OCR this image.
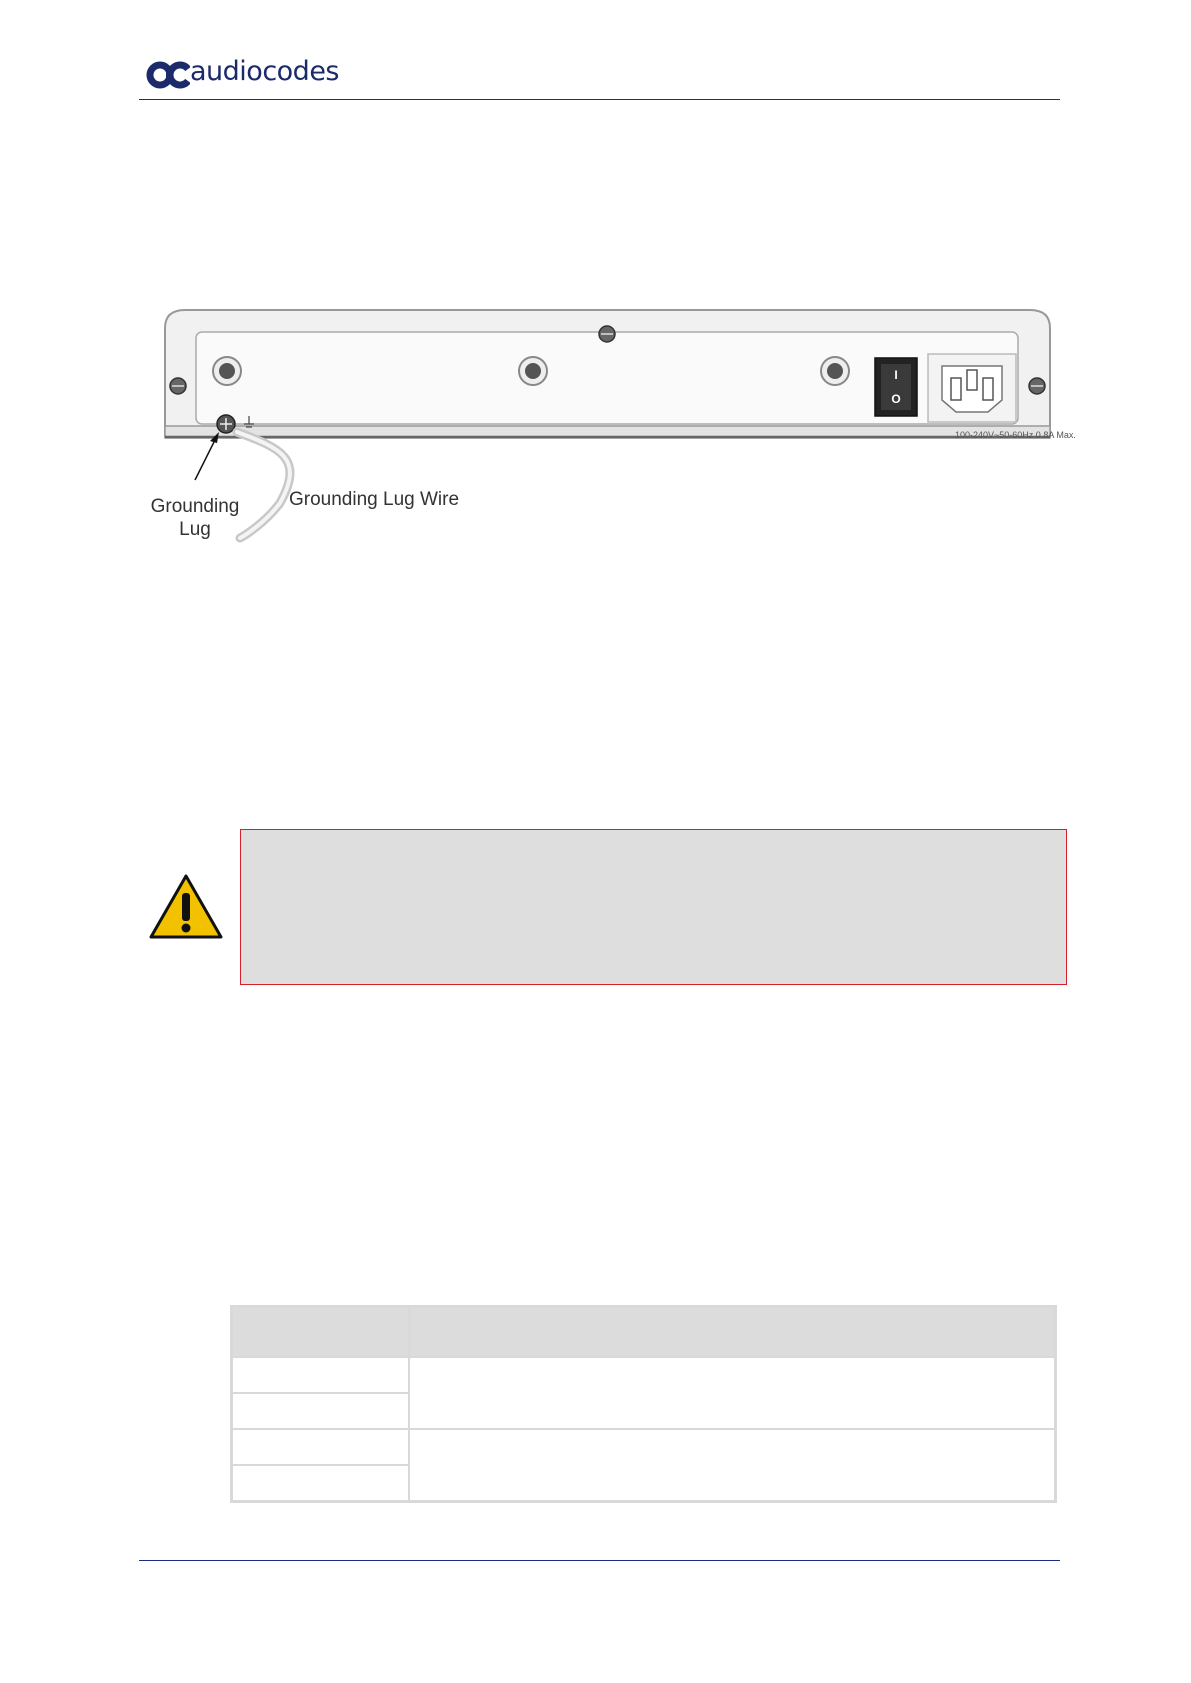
audiocodes
100-240V~50-60Hz 0.8A Max.
I
O
Grounding Lug
Grounding Lug Wire
